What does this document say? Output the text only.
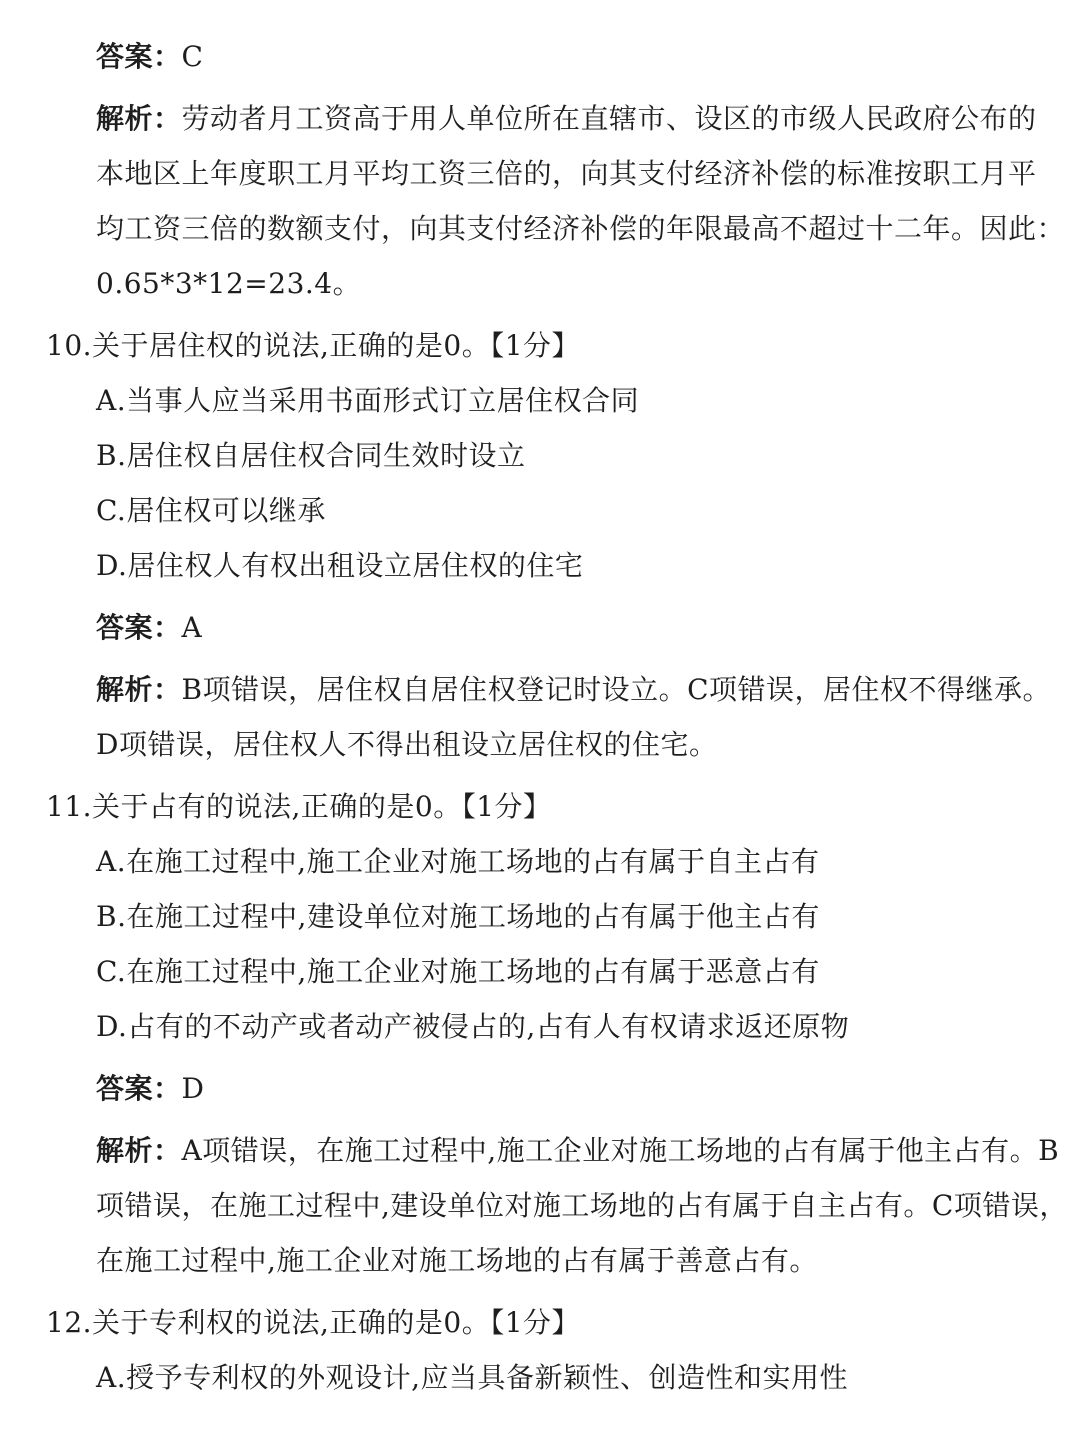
答案：C
解析：劳动者月工资高于用人单位所在直辖市、设区的市级人民政府公布的
本地区上年度职工月平均工资三倍的，向其支付经济补偿的标准按职工月平
均工资三倍的数额支付，向其支付经济补偿的年限最高不超过十二年。因此：
0.65*3*12=23.4。
10.关于居住权的说法,正确的是0。【1分】
A.当事人应当采用书面形式订立居住权合同
B.居住权自居住权合同生效时设立
C.居住权可以继承
D.居住权人有权出租设立居住权的住宅
答案：A
解析：B项错误，居住权自居住权登记时设立。C项错误，居住权不得继承。
D项错误，居住权人不得出租设立居住权的住宅。
11.关于占有的说法,正确的是0。【1分】
A.在施工过程中,施工企业对施工场地的占有属于自主占有
B.在施工过程中,建设单位对施工场地的占有属于他主占有
C.在施工过程中,施工企业对施工场地的占有属于恶意占有
D.占有的不动产或者动产被侵占的,占有人有权请求返还原物
答案：D
解析：A项错误，在施工过程中,施工企业对施工场地的占有属于他主占有。B
项错误，在施工过程中,建设单位对施工场地的占有属于自主占有。C项错误，
在施工过程中,施工企业对施工场地的占有属于善意占有。
12.关于专利权的说法,正确的是0。【1分】
A.授予专利权的外观设计,应当具备新颖性、创造性和实用性
